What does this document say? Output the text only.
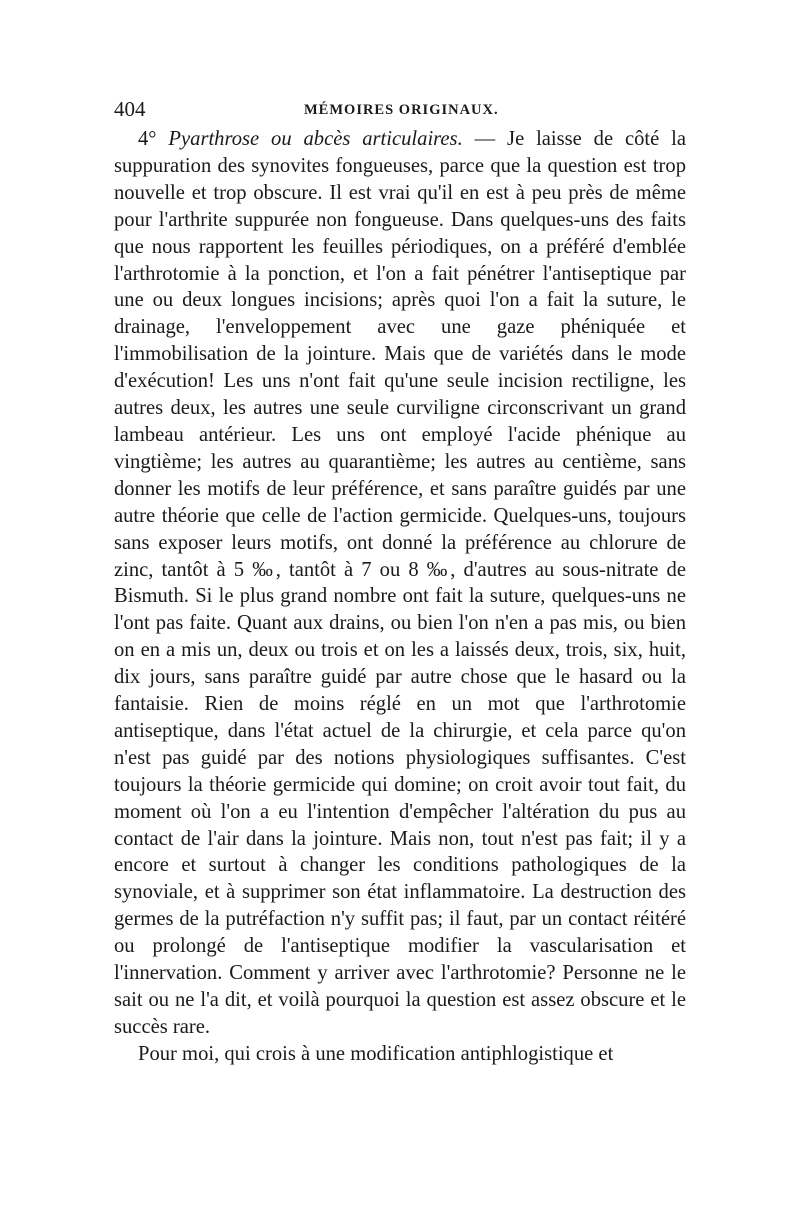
404	MÉMOIRES ORIGINAUX.

4° Pyarthrose ou abcès articulaires. — Je laisse de côté la suppuration des synovites fongueuses, parce que la question est trop nouvelle et trop obscure. Il est vrai qu'il en est à peu près de même pour l'arthrite suppurée non fongueuse. Dans quelques-uns des faits que nous rapportent les feuilles périodiques, on a préféré d'emblée l'arthrotomie à la ponction, et l'on a fait pénétrer l'antiseptique par une ou deux longues incisions; après quoi l'on a fait la suture, le drainage, l'enveloppement avec une gaze phéniquée et l'immobilisation de la jointure. Mais que de variétés dans le mode d'exécution! Les uns n'ont fait qu'une seule incision rectiligne, les autres deux, les autres une seule curviligne circonscrivant un grand lambeau antérieur. Les uns ont employé l'acide phénique au vingtième; les autres au quarantième; les autres au centième, sans donner les motifs de leur préférence, et sans paraître guidés par une autre théorie que celle de l'action germicide. Quelques-uns, toujours sans exposer leurs motifs, ont donné la préférence au chlorure de zinc, tantôt à 5 ‰, tantôt à 7 ou 8 ‰, d'autres au sous-nitrate de Bismuth. Si le plus grand nombre ont fait la suture, quelques-uns ne l'ont pas faite. Quant aux drains, ou bien l'on n'en a pas mis, ou bien on en a mis un, deux ou trois et on les a laissés deux, trois, six, huit, dix jours, sans paraître guidé par autre chose que le hasard ou la fantaisie. Rien de moins réglé en un mot que l'arthrotomie antiseptique, dans l'état actuel de la chirurgie, et cela parce qu'on n'est pas guidé par des notions physiologiques suffisantes. C'est toujours la théorie germicide qui domine; on croit avoir tout fait, du moment où l'on a eu l'intention d'empêcher l'altération du pus au contact de l'air dans la jointure. Mais non, tout n'est pas fait; il y a encore et surtout à changer les conditions pathologiques de la synoviale, et à supprimer son état inflammatoire. La destruction des germes de la putréfaction n'y suffit pas; il faut, par un contact réitéré ou prolongé de l'antiseptique modifier la vascularisation et l'innervation. Comment y arriver avec l'arthrotomie? Personne ne le sait ou ne l'a dit, et voilà pourquoi la question est assez obscure et le succès rare.

Pour moi, qui crois à une modification antiphlogistique et
